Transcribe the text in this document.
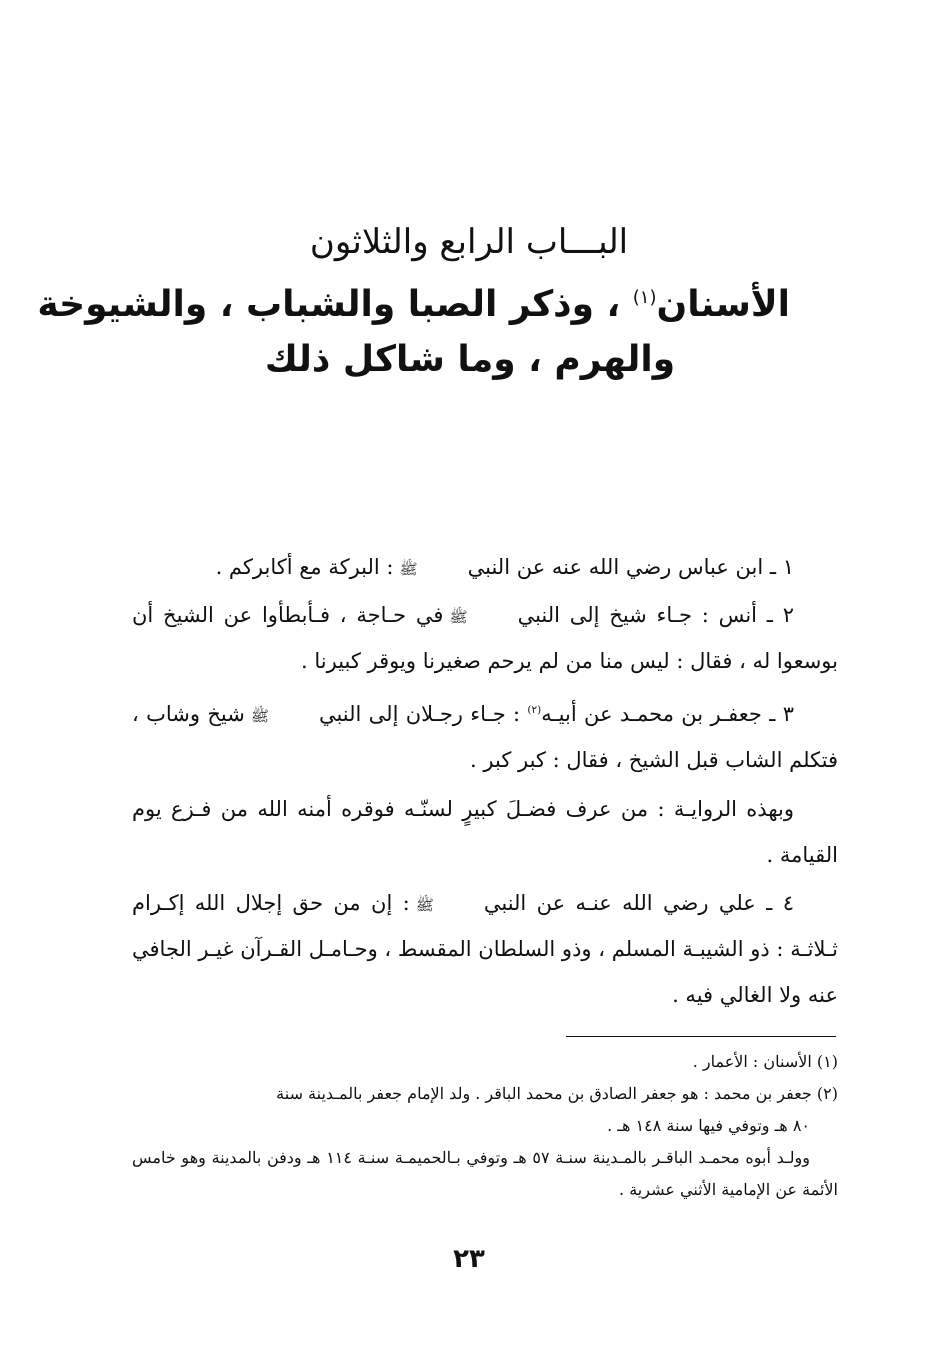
البـــاب الرابع والثلاثون
الأسنان$^{(١)}$ ، وذكر الصبا والشباب ، والشيوخة
والهرم ، وما شاكل ذلك

١ ـ ابن عباس رضي الله عنه عن النبيﷺ: البركة مع أكابركم .

٢ ـ أنس : جـاء شيخ إلى النبيﷺفي حـاجة ، فـأبطأوا عن الشيخ أن بوسعوا له ، فقال : ليس منا من لم يرحم صغيرنا ويوقر كبيرنا .

٣ ـ جعفـر بن محمـد عن أبيـه$^{(٢)}$ : جـاء رجـلان إلى النبيﷺشيخ وشاب ، فتكلم الشاب قبل الشيخ ، فقال : كبر كبر .

وبهذه الروايـة : من عرف فضـلَ كبيرٍ لسنّـه فوقره أمنه الله من فـزع يوم القيامة .

٤ ـ علي رضي الله عنـه عن النبيﷺ: إن من حق إجلال الله إكـرام ثـلاثـة : ذو الشيبـة المسلم ، وذو السلطان المقسط ، وحـامـل القـرآن غيـر الجافي عنه ولا الغالي فيه .

(١) الأسنان : الأعمار .

(٢) جعفر بن محمد : هو جعفر الصادق بن محمد الباقر . ولد الإمام جعفر بالمـدينة سنة

٨٠ هـ وتوفي فيها سنة ١٤٨ هـ .

وولـد أبوه محمـد الباقـر بالمـدينة سنـة ٥٧ هـ وتوفي بـالحميمـة سنـة ١١٤ هـ ودفن بالمدينة وهو خامس الأئمة عن الإمامية الأثني عشرية .

٢٣
